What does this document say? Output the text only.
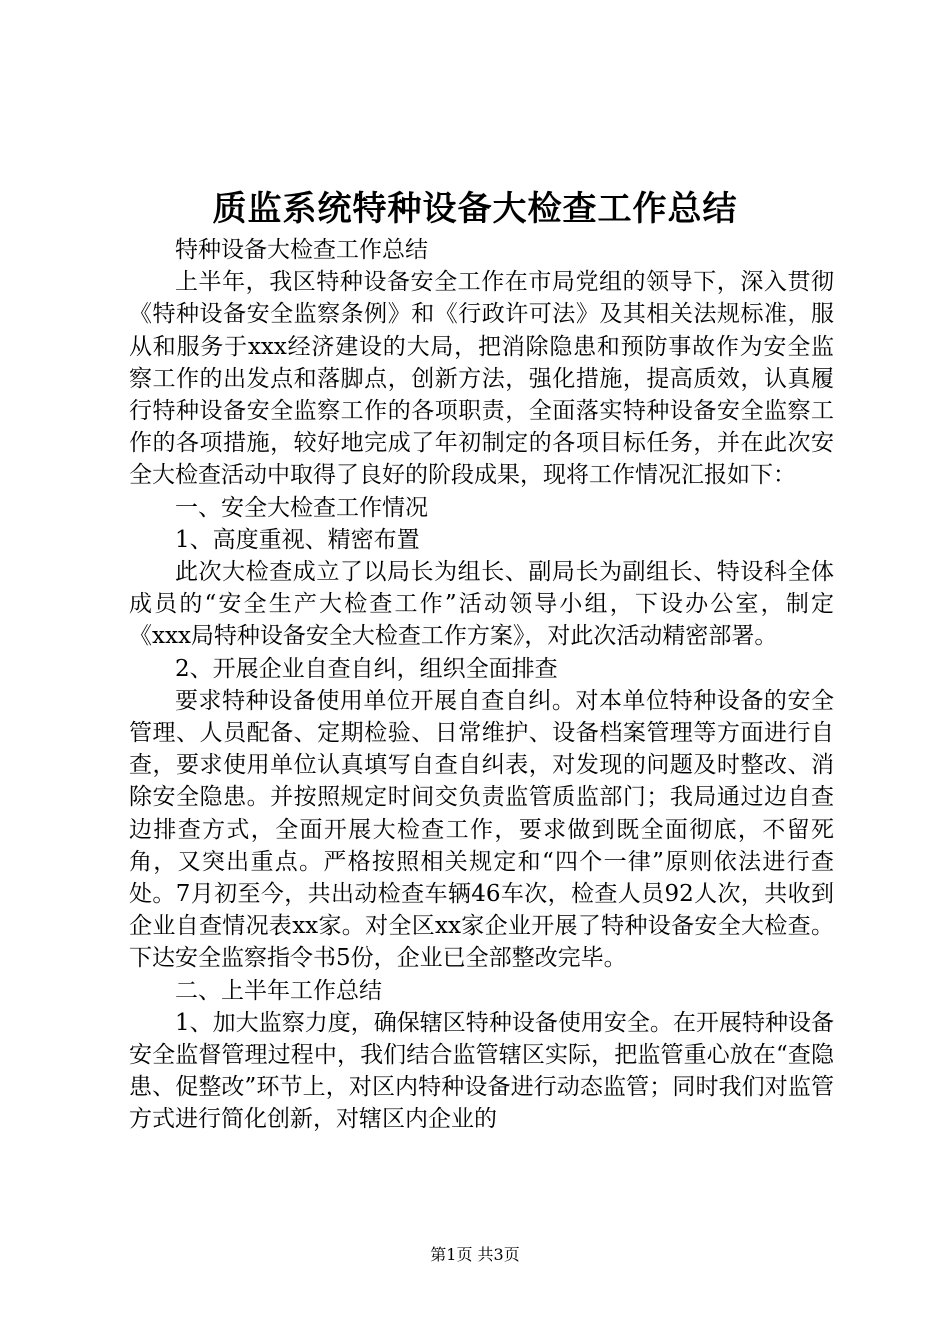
质监系统特种设备大检查工作总结

特种设备大检查工作总结

上半年，我区特种设备安全工作在市局党组的领导下，深入贯彻《特种设备安全监察条例》和《行政许可法》及其相关法规标准，服从和服务于xxx经济建设的大局，把消除隐患和预防事故作为安全监察工作的出发点和落脚点，创新方法，强化措施，提高质效，认真履行特种设备安全监察工作的各项职责，全面落实特种设备安全监察工作的各项措施，较好地完成了年初制定的各项目标任务，并在此次安全大检查活动中取得了良好的阶段成果，现将工作情况汇报如下：

一、安全大检查工作情况

1、高度重视、精密布置

此次大检查成立了以局长为组长、副局长为副组长、特设科全体成员的“安全生产大检查工作”活动领导小组，下设办公室，制定《xxx局特种设备安全大检查工作方案》，对此次活动精密部署。

2、开展企业自查自纠，组织全面排查

要求特种设备使用单位开展自查自纠。对本单位特种设备的安全管理、人员配备、定期检验、日常维护、设备档案管理等方面进行自查，要求使用单位认真填写自查自纠表，对发现的问题及时整改、消除安全隐患。并按照规定时间交负责监管质监部门；我局通过边自查边排查方式，全面开展大检查工作，要求做到既全面彻底，不留死角，又突出重点。严格按照相关规定和“四个一律”原则依法进行查处。7月初至今，共出动检查车辆46车次，检查人员92人次，共收到企业自查情况表xx家。对全区xx家企业开展了特种设备安全大检查。下达安全监察指令书5份，企业已全部整改完毕。

二、上半年工作总结

1、加大监察力度，确保辖区特种设备使用安全。在开展特种设备安全监督管理过程中，我们结合监管辖区实际，把监管重心放在“查隐患、促整改”环节上，对区内特种设备进行动态监管；同时我们对监管方式进行简化创新，对辖区内企业的

第1页 共3页
